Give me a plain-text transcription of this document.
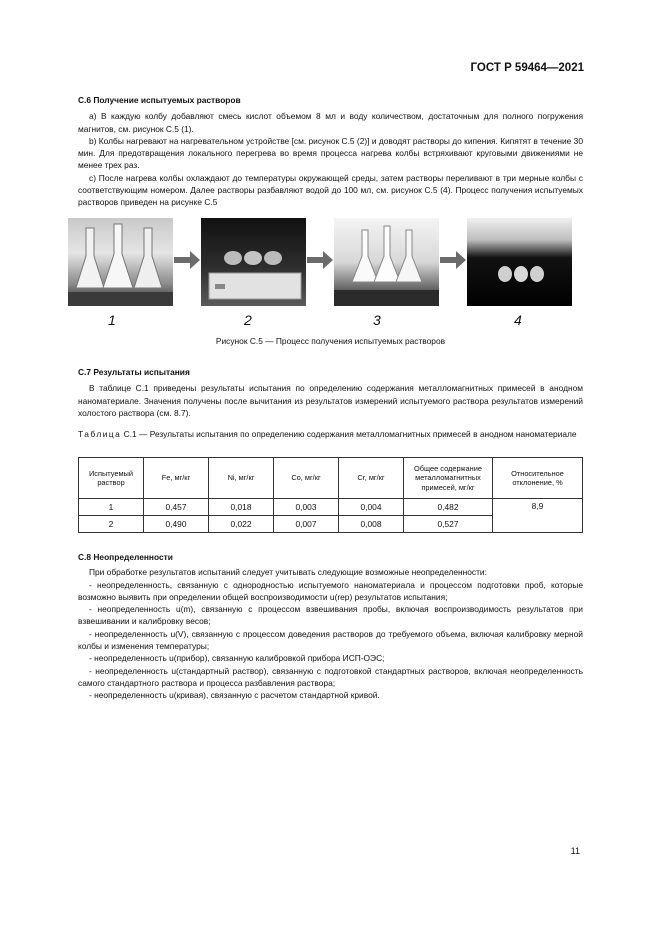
ГОСТ Р 59464—2021

С.6 Получение испытуемых растворов

а) В каждую колбу добавляют смесь кислот объемом 8 мл и воду количеством, достаточным для полного погружения магнитов, см. рисунок С.5 (1).

b) Колбы нагревают на нагревательном устройстве [см. рисунок С.5 (2)] и доводят растворы до кипения. Кипятят в течение 30 мин. Для предотвращения локального перегрева во время процесса нагрева колбы встряхивают круговыми движениями не менее трех раз.

c) После нагрева колбы охлаждают до температуры окружающей среды, затем растворы переливают в три мерные колбы с соответствующим номером. Далее растворы разбавляют водой до 100 мл, см. рисунок С.5 (4). Процесс получения испытуемых растворов приведен на рисунке С.5

1	2	3	4
Рисунок С.5 — Процесс получения испытуемых растворов

С.7 Результаты испытания

В таблице С.1 приведены результаты испытания по определению содержания металломагнитных примесей в анодном наноматериале. Значения получены после вычитания из результатов измерений испытуемого раствора результатов измерений холостого раствора (см. 8.7).

Таблица С.1 — Результаты испытания по определению содержания металломагнитных примесей в анодном наноматериале
Испытуемый раствор	Fe, мг/кг	Ni, мг/кг	Co, мг/кг	Cr, мг/кг	Общее содержание металломагнитных примесей, мг/кг	Относительное отклонение, %
1	0,457	0,018	0,003	0,004	0,482	8,9
2	0,490	0,022	0,007	0,008	0,527	

С.8 Неопределенности

При обработке результатов испытаний следует учитывать следующие возможные неопределенности:

- неопределенность, связанную с однородностью испытуемого наноматериала и процессом подготовки проб, которые возможно выявить при определении общей воспроизводимости u(rep) результатов испытания;

- неопределенность u(m), связанную с процессом взвешивания пробы, включая воспроизводимость результатов при взвешивании и калибровку весов;

- неопределенность u(V), связанную с процессом доведения растворов до требуемого объема, включая калибровку мерной колбы и изменения температуры;

- неопределенность u(прибор), связанную калибровкой прибора ИСП-ОЭС;

- неопределенность u(стандартный раствор), связанную с подготовкой стандартных растворов, включая неопределенность самого стандартного раствора и процесса разбавления раствора;

- неопределенность u(кривая), связанную с расчетом стандартной кривой.

11
